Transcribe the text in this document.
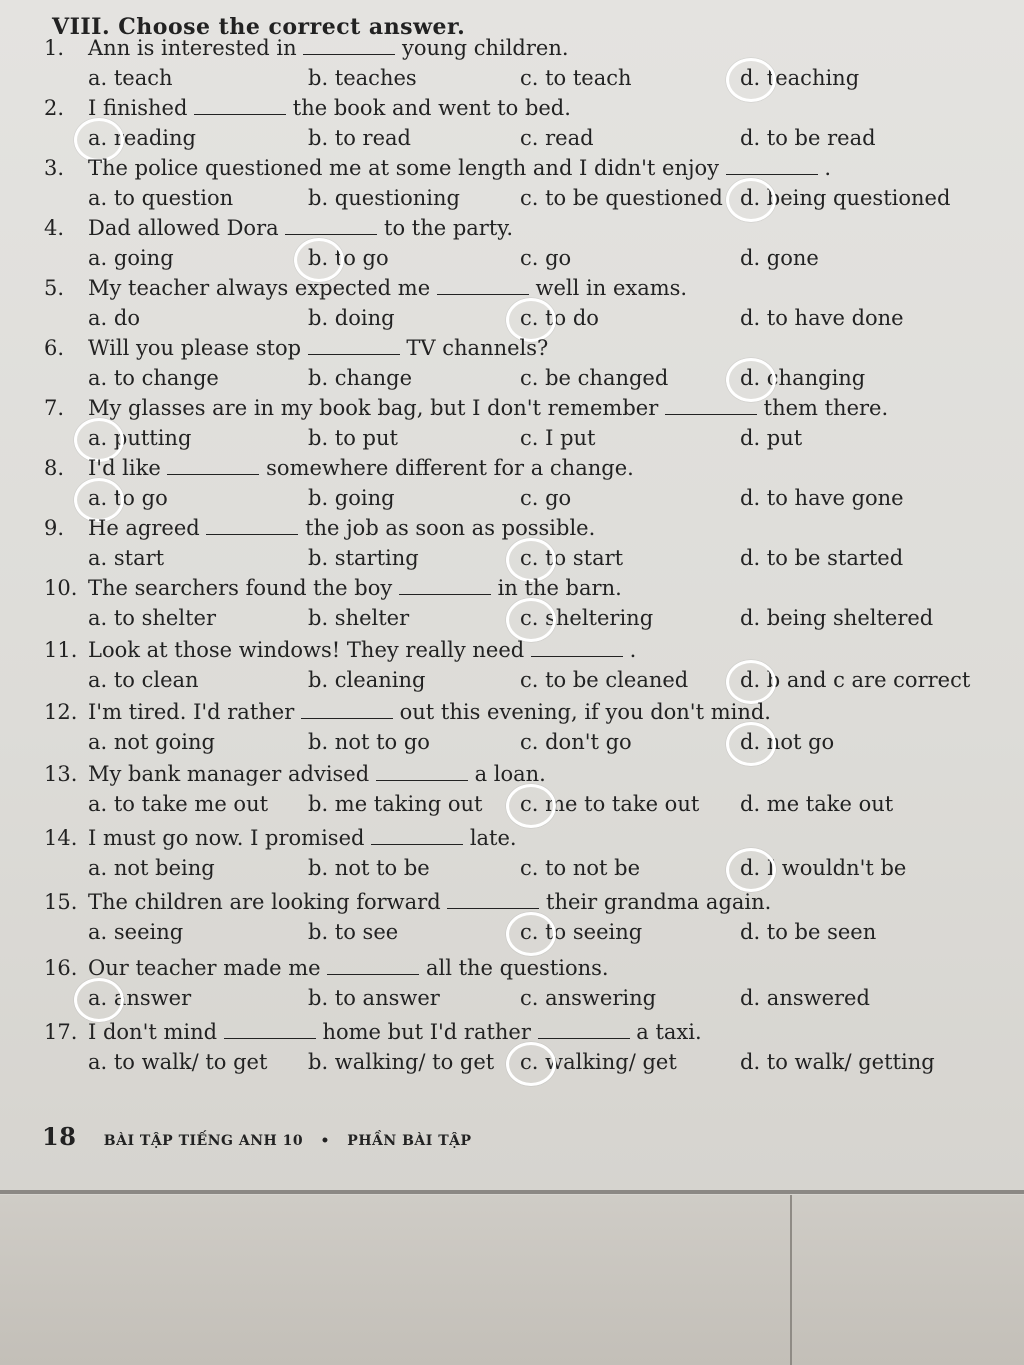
VIII. Choose the correct answer.
1. Ann is interested in	young children.
a. teach	b. teaches	c. to teach	d. teaching
2. I finished	the book and went to bed.
a. reading	b. to read	c. read	d. to be read
3. The police questioned me at some length and I didn't enjoy	.
a. to question	b. questioning	c. to be questioned d. being questioned
4. Dad allowed Dora	to the party.
a. going	b. to go	c. go	d. gone
5. My teacher always expected me	well in exams.
a. do	b. doing	c. to do	d. to have done
6. Will you please stop	TV channels?
a. to change	b. change	c. be changed	d. changing
7. My glasses are in my book bag, but I don't remember	them there.
a. putting	b. to put	c. I put	d. put
8. I'd like	somewhere different for a change.
a. to go	b. going	c. go	d. to have gone
9. He agreed	the job as soon as possible.
a. start	b. starting	c. to start	d. to be started
10. The searchers found the boy	in the barn.
a. to shelter	b. shelter	c. sheltering	d. being sheltered
11. Look at those windows! They really need	.
a. to clean	b. cleaning	c. to be cleaned d. b and c are correct
12. I'm tired. I'd rather	out this evening, if you don't mind.
a. not going	b. not to go	c. don't go	d. not go
13. My bank manager advised	a loan.
a. to take me out b. me taking out c. me to take out d. me take out
14. I must go now. I promised	late.
a. not being	b. not to be	c. to not be	d. I wouldn't be
15. The children are looking forward	their grandma again.
a. seeing	b. to see	c. to seeing	d. to be seen
16. Our teacher made me	all the questions.
a. answer	b. to answer	c. answering	d. answered
17. I don't mind	home but I'd rather	a taxi.
a. to walk/ to get b. walking/ to get c. walking/ get	d. to walk/ getting
18 BÀI TẬP TIẾNG ANH 10 • PHẦN BÀI TẬP
